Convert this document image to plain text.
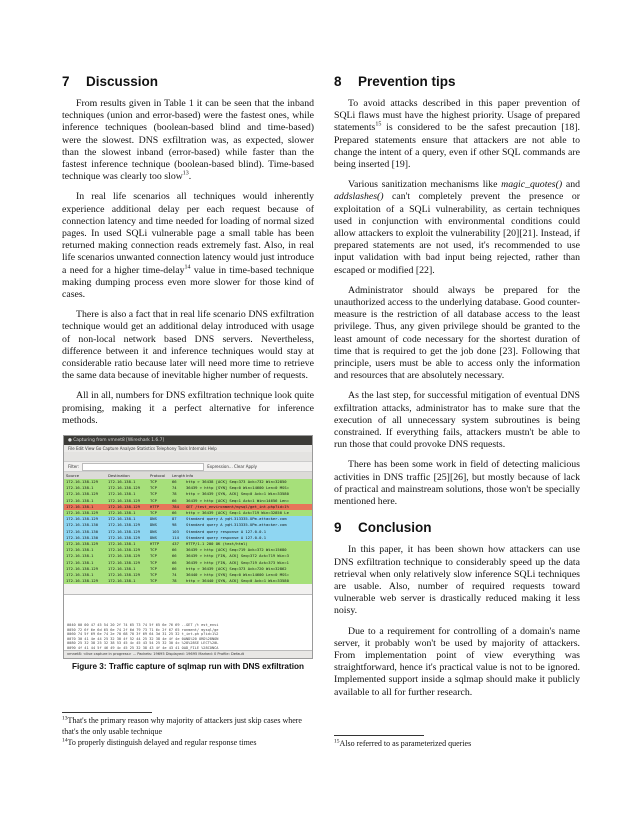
7 Discussion

From results given in Table 1 it can be seen that the inband techniques (union and error-based) were the fastest ones, while inference techniques (boolean-based blind and time-based) were the slowest. DNS exfiltration was, as expected, slower than the slowest inband (error-based) while faster than the fastest inference technique (boolean-based blind). Time-based technique was clearly too slow$^{13}$.

In real life scenarios all techniques would inherently experience additional delay per each request because of connection latency and time needed for loading of normal sized pages. In used SQLi vulnerable page a small table has been returned making connection reads extremely fast. Also, in real life scenarios unwanted connection latency would just introduce a need for a higher time-delay$^{14}$ value in time-based technique making dumping process even more slower for those kind of cases.

There is also a fact that in real life scenario DNS exfiltration technique would get an additional delay introduced with usage of non-local network based DNS servers. Nevertheless, difference between it and inference techniques would stay at considerable ratio because later will need more time to retrieve the same data because of inevitable higher number of requests.

All in all, numbers for DNS exfiltration technique look quite promising, making it a perfect alternative for inference methods.

● Capturing from vmnet8 [Wireshark 1.6.7]
File Edit View Go Capture Analyze Statistics Telephony Tools Internals Help
Filter:	Expression... Clear Apply
Source	Destination	Protocol LengthInfo
172.16.138.129	172.16.138.1	TCP	66 http > 36438 [ACK] Seq=373 Ack=732 Win=32850
172.16.138.1	172.16.138.129	TCP	74 36439 > http [SYN] Seq=0 Win=14600 Len=0 MSS=
172.16.138.129	172.16.138.1	TCP	78 http > 36439 [SYN, ACK] Seq=0 Ack=1 Win=33580
172.16.138.1	172.16.138.129	TCP	66 36439 > http [ACK] Seq=1 Ack=1 Win=14656 Len=
172.16.138.1	172.16.138.129	HTTP	784 GET /test_environment/mysql/get_int.php?id=1%
172.16.138.129	172.16.138.1	TCP	66 http > 36439 [ACK] Seq=1 Ack=719 Win=32850 Le
172.16.138.129	172.16.138.1	DNS	87 Standard query A yqH.313335.UPm.attacker.com
172.16.138.130	172.16.138.129	DNS	98 Standard query A yqH.313335.UPm.attacker.com
172.16.138.130	172.16.138.129	DNS	103 Standard query response A 127.0.0.1
172.16.138.130	172.16.138.129	DNS	114 Standard query response A 127.0.0.1
172.16.138.129	172.16.138.1	HTTP	437 HTTP/1.1 200 OK (text/html)
172.16.138.1	172.16.138.129	TCP	66 36439 > http [ACK] Seq=719 Ack=372 Win=15680
172.16.138.1	172.16.138.129	TCP	66 36439 > http [FIN, ACK] Seq=372 Ack=719 Win=3
172.16.138.1	172.16.138.129	TCP	66 36439 > http [FIN, ACK] Seq=719 Ack=373 Win=1
172.16.138.129	172.16.138.1	TCP	66 http > 36439 [ACK] Seq=373 Ack=720 Win=32862
172.16.138.1	172.16.138.129	TCP	74 36440 > http [SYN] Seq=0 Win=14600 Len=0 MSS=
172.16.138.129	172.16.138.1	TCP	78 http > 36440 [SYN, ACK] Seq=0 Ack=1 Win=33580
0040 00 00 47 45 54 20 2f 74 65 73 74 5f 65 6e 76 69 ..GET /t est_envi
0050 72 6f 6e 6d 65 6e 74 2f 6d 79 73 71 6c 2f 67 65 ronment/ mysql/ge
0060 74 5f 69 6e 74 2e 70 68 70 3f 69 64 3d 31 25 32 t_int.ph p?id=1%2
0070 30 41 4e 44 25 32 30 4f 52 44 25 32 38 4e 4f 4e 0AND%20 ORD%28NON
0080 25 32 38 25 32 38 53 45 4c 45 43 54 25 32 30 4c %28%28SE LECT%20L
0090 4f 41 44 5f 46 49 4c 45 25 32 38 43 4f 4e 43 41 OAD_FILE %28CONCA
vmnet8: <live capture in progress> ... Packets: 19695 Displayed: 19695 Marked: 0 Profile: Default
Figure 3: Traffic capture of sqlmap run with DNS exfiltration
8 Prevention tips

To avoid attacks described in this paper prevention of SQLi flaws must have the highest priority. Usage of prepared statements$^{15}$ is considered to be the safest precaution [18]. Prepared statements ensure that attackers are not able to change the intent of a query, even if other SQL commands are being inserted [19].

Various sanitization mechanisms like magic_quotes() and addslashes() can't completely prevent the presence or exploitation of a SQLi vulnerability, as certain techniques used in conjunction with environmental conditions could allow attackers to exploit the vulnerability [20][21]. Instead, if prepared statements are not used, it's recommended to use input validation with bad input being rejected, rather than escaped or modified [22].

Administrator should always be prepared for the unauthorized access to the underlying database. Good counter-measure is the restriction of all database access to the least privilege. Thus, any given privilege should be granted to the least amount of code necessary for the shortest duration of time that is required to get the job done [23]. Following that principle, users must be able to access only the information and resources that are absolutely necessary.

As the last step, for successful mitigation of eventual DNS exfiltration attacks, administrator has to make sure that the execution of all unnecessary system subroutines is being constrained. If everything fails, attackers mustn't be able to run those that could provoke DNS requests.

There has been some work in field of detecting malicious activities in DNS traffic [25][26], but mostly because of lack of practical and mainstream solutions, those won't be specially mentioned here.

9 Conclusion

In this paper, it has been shown how attackers can use DNS exfiltration technique to considerably speed up the data retrieval when only relatively slow inference SQLi techniques are usable. Also, number of required requests toward vulnerable web server is drastically reduced making it less noisy.

Due to a requirement for controlling of a domain's name server, it probably won't be used by majority of attackers. From implementation point of view everything was straightforward, hence it's practical value is not to be ignored. Implemented support inside a sqlmap should make it publicly available to all for further research.

$^{13}$That's the primary reason why majority of attackers just skip cases where that's the only usable technique
$^{14}$To properly distinguish delayed and regular response times	$^{15}$Also referred to as parameterized queries
